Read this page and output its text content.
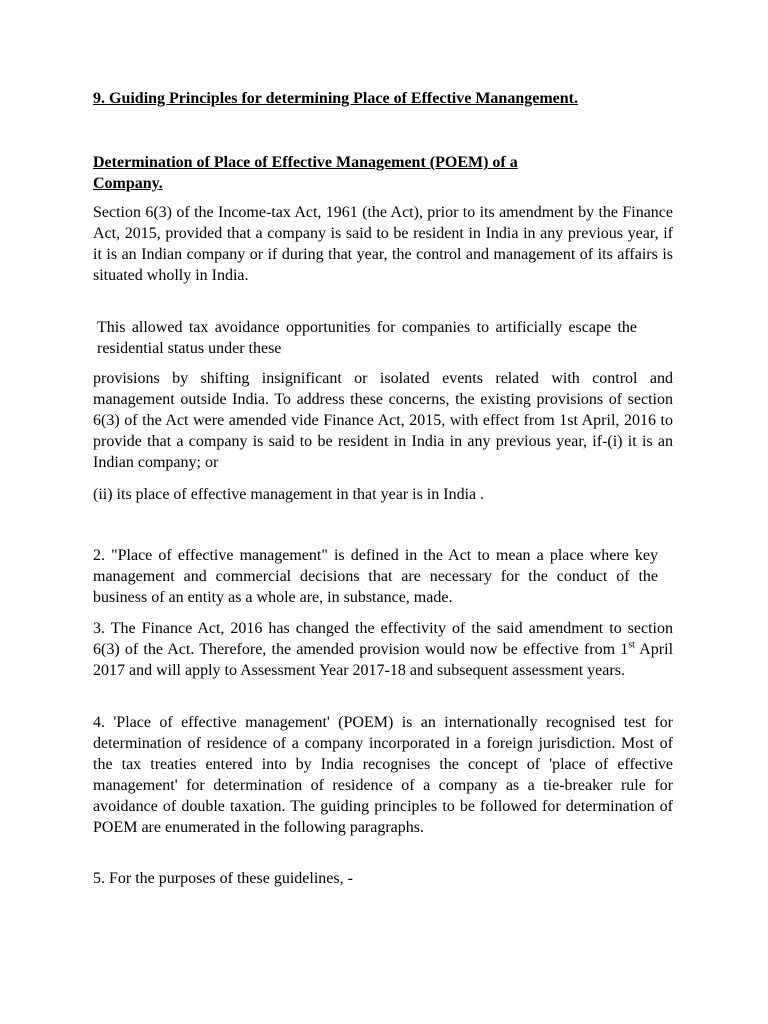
9. Guiding Principles for determining Place of Effective Manangement.

Determination of Place of Effective Management (POEM) of a

Company.

Section 6(3) of the Income-tax Act, 1961 (the Act), prior to its amendment by the Finance Act, 2015, provided that a company is said to be resident in India in any previous year, if it is an Indian company or if during that year, the control and management of its affairs is situated wholly in India.

This allowed tax avoidance opportunities for companies to artificially escape the residential status under these

provisions by shifting insignificant or isolated events related with control and management outside India. To address these concerns, the existing provisions of section 6(3) of the Act were amended vide Finance Act, 2015, with effect from 1st April, 2016 to provide that a company is said to be resident in India in any previous year, if-(i) it is an Indian company; or

(ii) its place of effective management in that year is in India .

2. "Place of effective management" is defined in the Act to mean a place where key management and commercial decisions that are necessary for the conduct of the business of an entity as a whole are, in substance, made.

3. The Finance Act, 2016 has changed the effectivity of the said amendment to section 6(3) of the Act. Therefore, the amended provision would now be effective from 1st April 2017 and will apply to Assessment Year 2017-18 and subsequent assessment years.

4. 'Place of effective management' (POEM) is an internationally recognised test for determination of residence of a company incorporated in a foreign jurisdiction. Most of the tax treaties entered into by India recognises the concept of 'place of effective management' for determination of residence of a company as a tie-breaker rule for avoidance of double taxation. The guiding principles to be followed for determination of POEM are enumerated in the following paragraphs.

5. For the purposes of these guidelines, -
